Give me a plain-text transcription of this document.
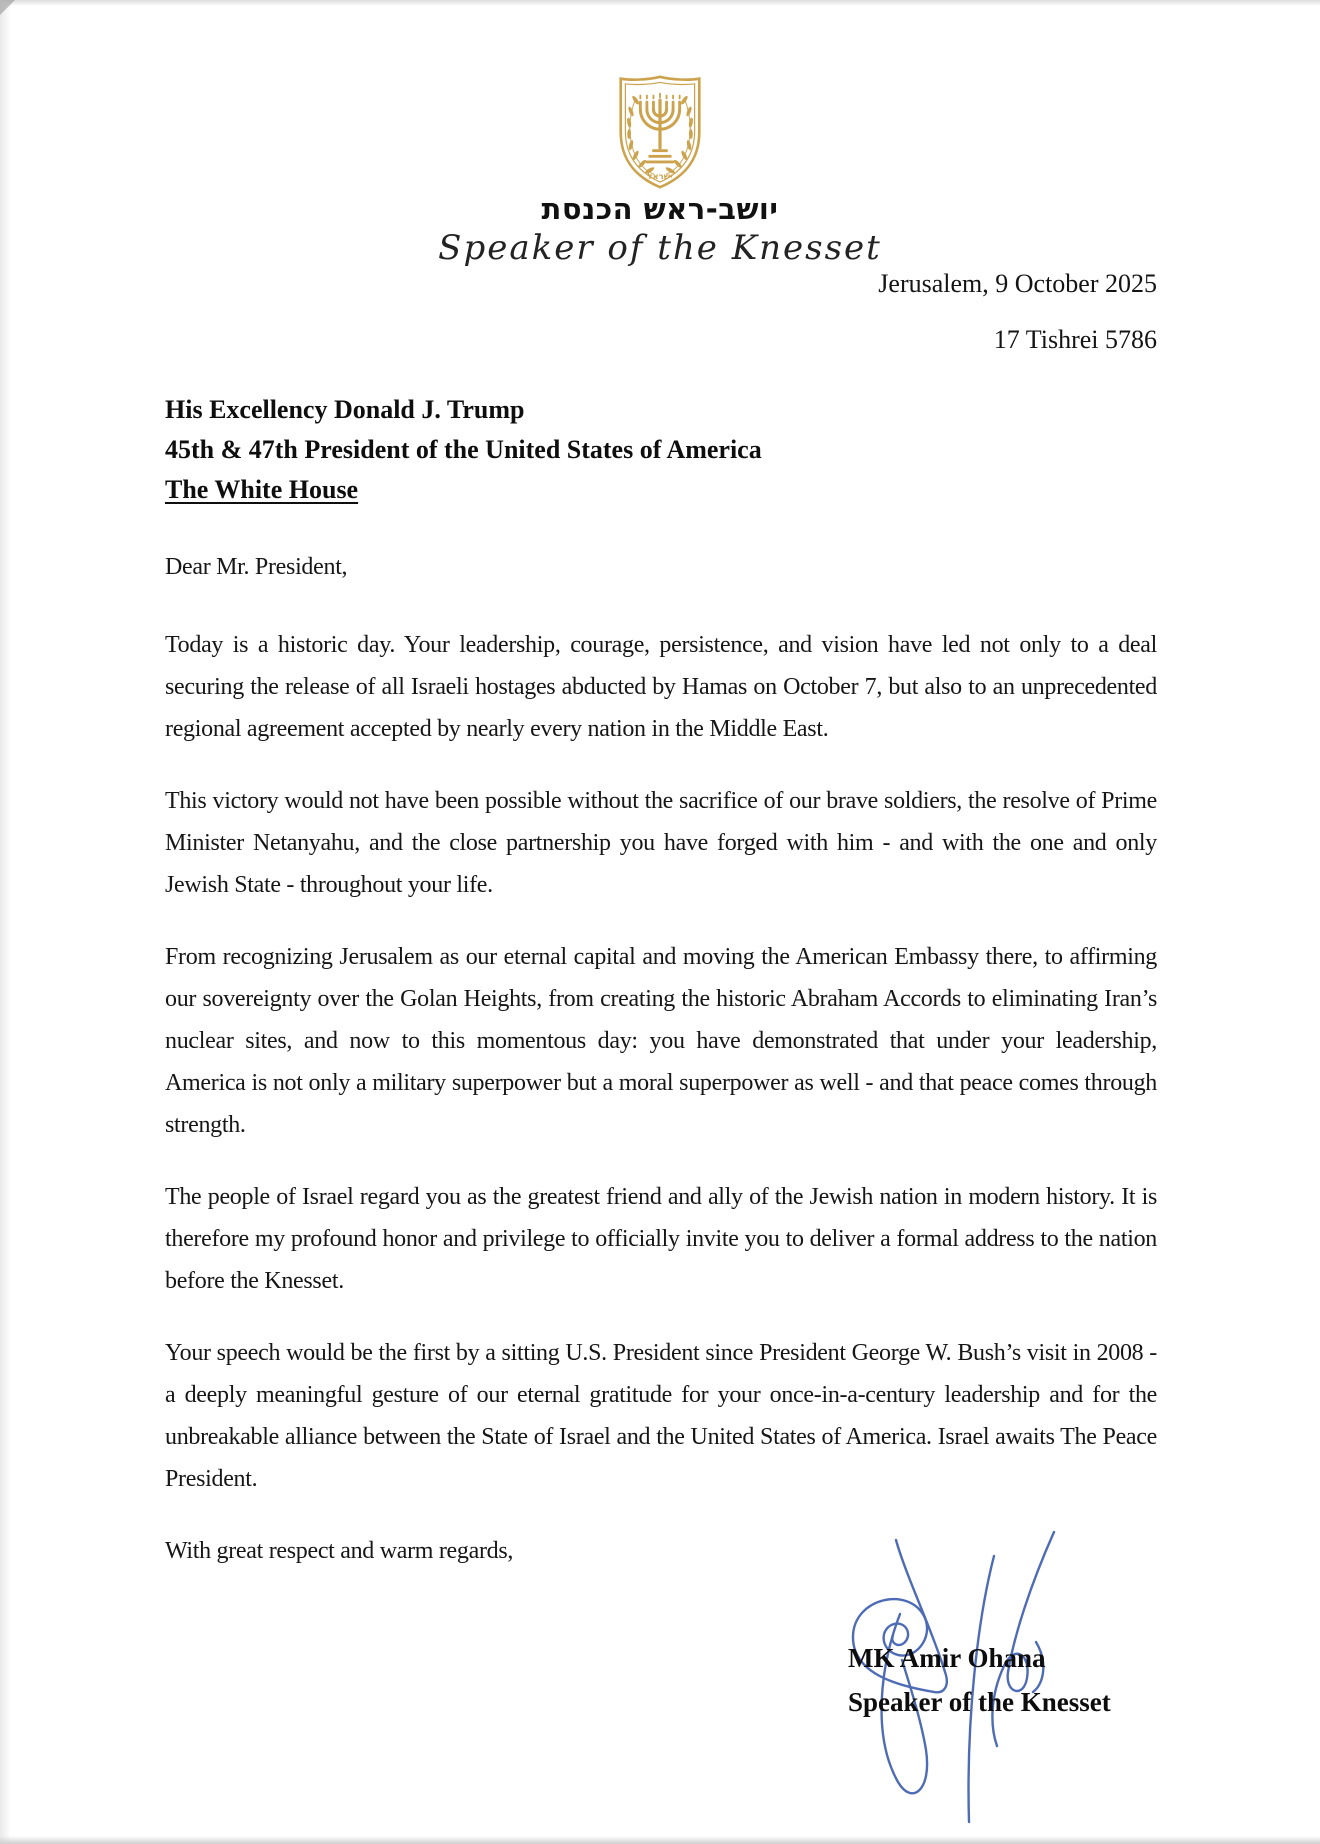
ישראל
יושב-ראש הכנסת
Speaker of the Knesset
Jerusalem, 9 October 2025
17 Tishrei 5786
His Excellency Donald J. Trump
45th & 47th President of the United States of America
The White House

Dear Mr. President,

Today is a historic day. Your leadership, courage, persistence, and vision have led not only to a deal securing the release of all Israeli hostages abducted by Hamas on October 7, but also to an unprecedented regional agreement accepted by nearly every nation in the Middle East.

This victory would not have been possible without the sacrifice of our brave soldiers, the resolve of Prime Minister Netanyahu, and the close partnership you have forged with him - and with the one and only Jewish State - throughout your life.

From recognizing Jerusalem as our eternal capital and moving the American Embassy there, to affirming our sovereignty over the Golan Heights, from creating the historic Abraham Accords to eliminating Iran’s nuclear sites, and now to this momentous day: you have demonstrated that under your leadership, America is not only a military superpower but a moral superpower as well - and that peace comes through strength.

The people of Israel regard you as the greatest friend and ally of the Jewish nation in modern history. It is therefore my profound honor and privilege to officially invite you to deliver a formal address to the nation before the Knesset.

Your speech would be the first by a sitting U.S. President since President George W. Bush’s visit in 2008 - a deeply meaningful gesture of our eternal gratitude for your once-in-a-century leadership and for the unbreakable alliance between the State of Israel and the United States of America. Israel awaits The Peace President.

With great respect and warm regards,

MK Amir Ohana
Speaker of the Knesset
